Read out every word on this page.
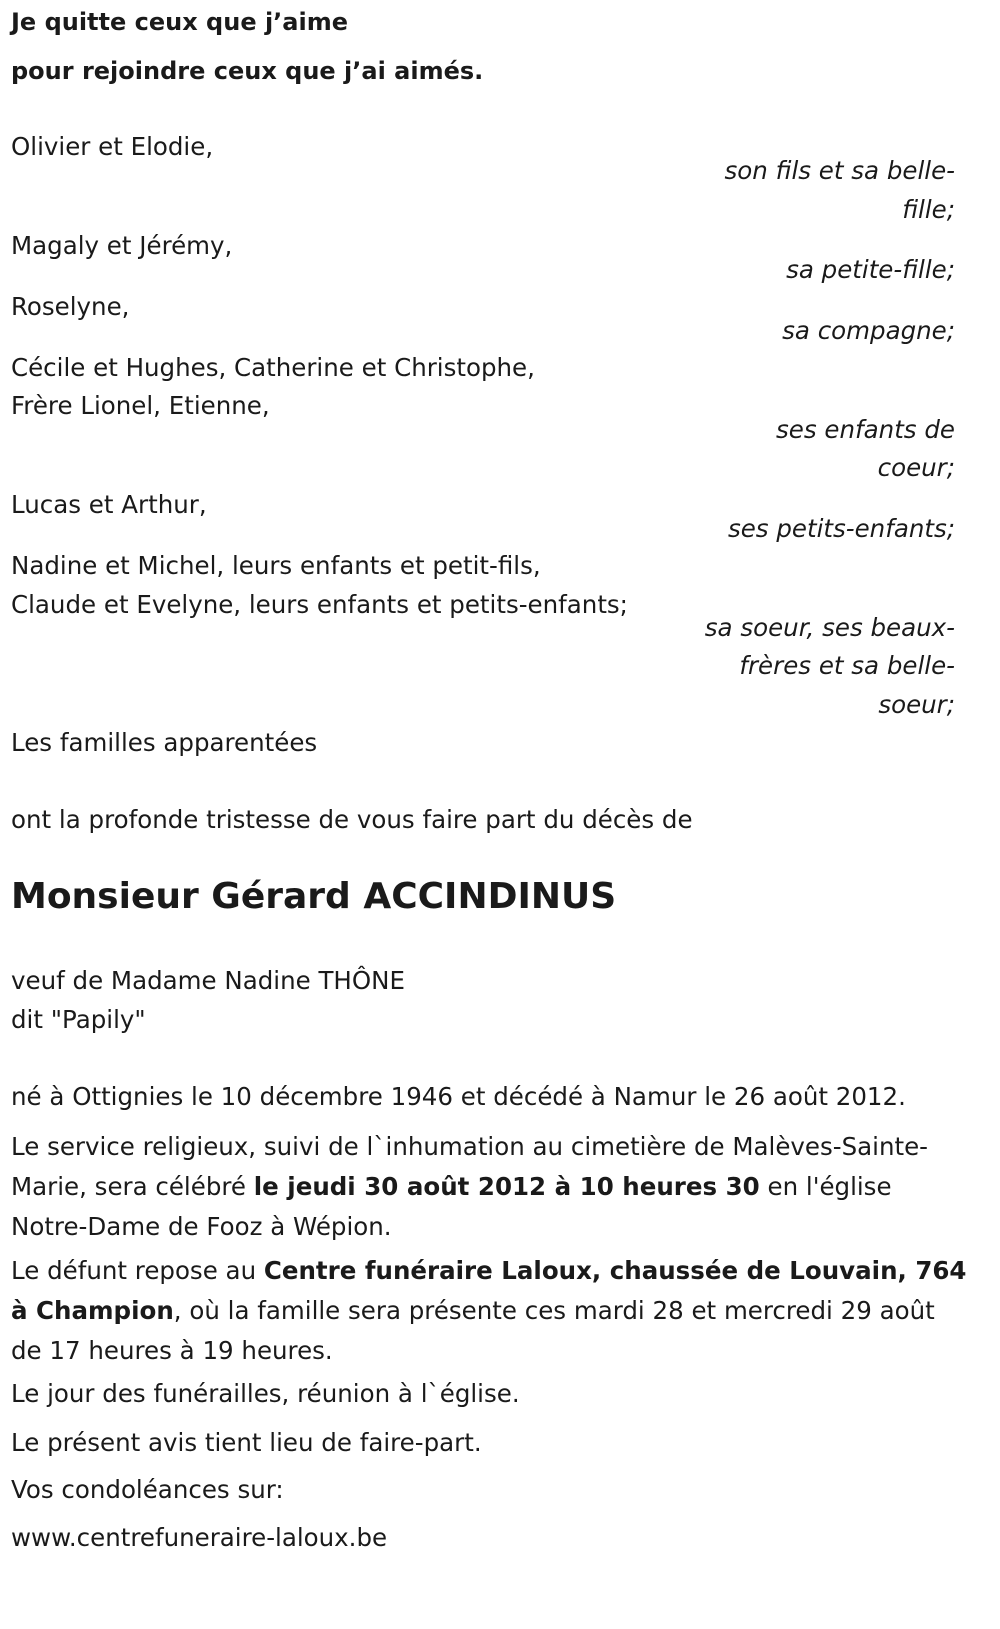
Je quitte ceux que j’aime
pour rejoindre ceux que j’ai aimés.
Olivier et Elodie,
son fils et sa belle-
fille;
Magaly et Jérémy,
sa petite-fille;
Roselyne,
sa compagne;
Cécile et Hughes, Catherine et Christophe,
Frère Lionel, Etienne,
ses enfants de
coeur;
Lucas et Arthur,
ses petits-enfants;
Nadine et Michel, leurs enfants et petit-fils,
Claude et Evelyne, leurs enfants et petits-enfants;
sa soeur, ses beaux-
frères et sa belle-
soeur;
Les familles apparentées
ont la profonde tristesse de vous faire part du décès de
Monsieur Gérard ACCINDINUS
veuf de Madame Nadine THÔNE
dit "Papily"
né à Ottignies le 10 décembre 1946 et décédé à Namur le 26 août 2012.
Le service religieux, suivi de l`inhumation au cimetière de Malèves-Sainte-Marie, sera célébré le jeudi 30 août 2012 à 10 heures 30 en l'église Notre-Dame de Fooz à Wépion.
Le défunt repose au Centre funéraire Laloux, chaussée de Louvain, 764 à Champion, où la famille sera présente ces mardi 28 et mercredi 29 août de 17 heures à 19 heures.
Le jour des funérailles, réunion à l`église.
Le présent avis tient lieu de faire-part.
Vos condoléances sur:
www.centrefuneraire-laloux.be
